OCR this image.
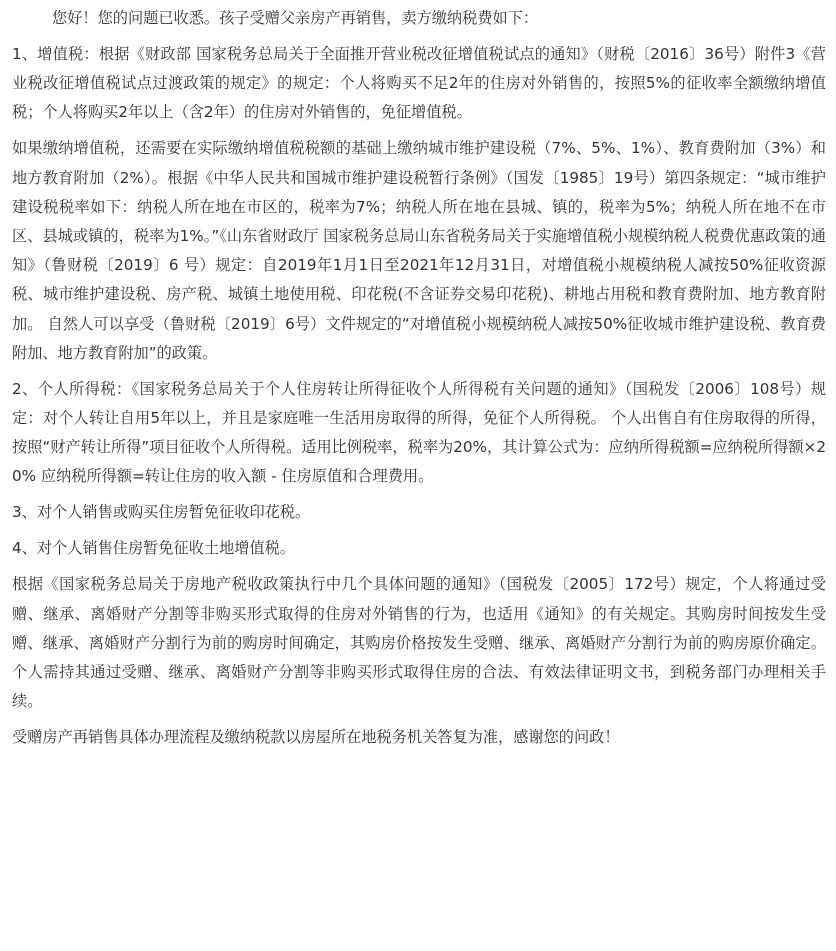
您好！您的问题已收悉。孩子受赠父亲房产再销售，卖方缴纳税费如下：

1、增值税：根据《财政部 国家税务总局关于全面推开营业税改征增值税试点的通知》（财税〔2016〕36号）附件3《营业税改征增值税试点过渡政策的规定》的规定：个人将购买不足2年的住房对外销售的，按照5%的征收率全额缴纳增值税；个人将购买2年以上（含2年）的住房对外销售的，免征增值税。

如果缴纳增值税，还需要在实际缴纳增值税税额的基础上缴纳城市维护建设税（7%、5%、1%）、教育费附加（3%）和地方教育附加（2%）。根据《中华人民共和国城市维护建设税暂行条例》（国发〔1985〕19号）第四条规定：“城市维护建设税税率如下：纳税人所在地在市区的，税率为7%；纳税人所在地在县城、镇的，税率为5%；纳税人所在地不在市区、县城或镇的，税率为1%。”《山东省财政厅 国家税务总局山东省税务局关于实施增值税小规模纳税人税费优惠政策的通知》（鲁财税〔2019〕6 号）规定：自2019年1月1日至2021年12月31日，对增值税小规模纳税人减按50%征收资源税、城市维护建设税、房产税、城镇土地使用税、印花税(不含证券交易印花税)、耕地占用税和教育费附加、地方教育附加。 自然人可以享受（鲁财税〔2019〕6号）文件规定的“对增值税小规模纳税人减按50%征收城市维护建设税、教育费附加、地方教育附加”的政策。

2、个人所得税：《国家税务总局关于个人住房转让所得征收个人所得税有关问题的通知》（国税发〔2006〕108号）规定：对个人转让自用5年以上，并且是家庭唯一生活用房取得的所得，免征个人所得税。 个人出售自有住房取得的所得，按照“财产转让所得”项目征收个人所得税。适用比例税率，税率为20%，其计算公式为：应纳所得税额=应纳税所得额×20% 应纳税所得额=转让住房的收入额 - 住房原值和合理费用。

3、对个人销售或购买住房暂免征收印花税。

4、对个人销售住房暂免征收土地增值税。

根据《国家税务总局关于房地产税收政策执行中几个具体问题的通知》（国税发〔2005〕172号）规定，个人将通过受赠、继承、离婚财产分割等非购买形式取得的住房对外销售的行为，也适用《通知》的有关规定。其购房时间按发生受赠、继承、离婚财产分割行为前的购房时间确定，其购房价格按发生受赠、继承、离婚财产分割行为前的购房原价确定。个人需持其通过受赠、继承、离婚财产分割等非购买形式取得住房的合法、有效法律证明文书，到税务部门办理相关手续。

受赠房产再销售具体办理流程及缴纳税款以房屋所在地税务机关答复为准，感谢您的问政！
